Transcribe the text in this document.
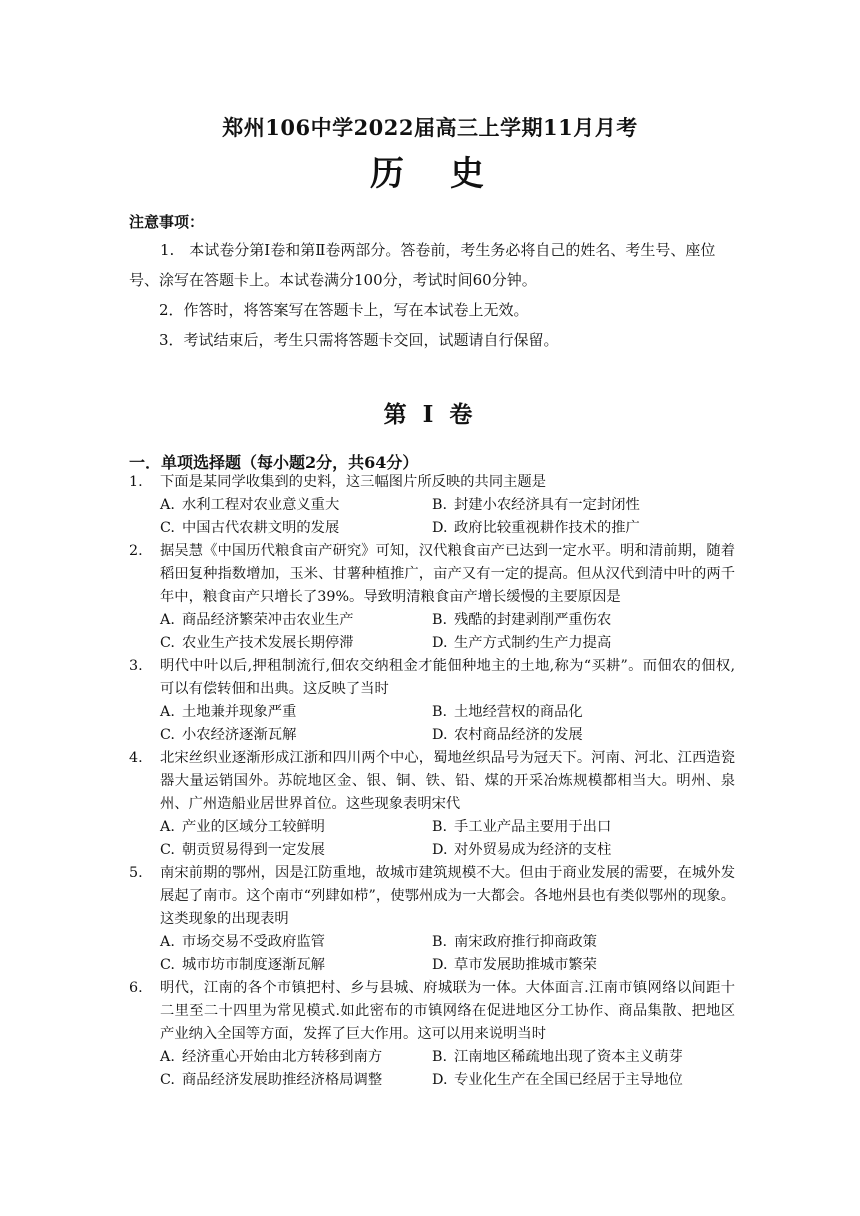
郑州106中学2022届高三上学期11月月考
历　史
注意事项：
1.　本试卷分第Ⅰ卷和第Ⅱ卷两部分。答卷前，考生务必将自己的姓名、考生号、座位号、涂写在答题卡上。本试卷满分100分，考试时间60分钟。
2．作答时，将答案写在答题卡上，写在本试卷上无效。
3．考试结束后，考生只需将答题卡交回，试题请自行保留。
第 I 卷
一．单项选择题（每小题2分，共64分）
1.	下面是某同学收集到的史料，这三幅图片所反映的共同主题是
A. 水利工程对农业意义重大	B. 封建小农经济具有一定封闭性
C. 中国古代农耕文明的发展	D. 政府比较重视耕作技术的推广
2.	据吴慧《中国历代粮食亩产研究》可知，汉代粮食亩产已达到一定水平。明和清前期，随着稻田复种指数增加，玉米、甘薯种植推广，亩产又有一定的提高。但从汉代到清中叶的两千年中，粮食亩产只增长了39%。导致明清粮食亩产增长缓慢的主要原因是
A. 商品经济繁荣冲击农业生产	B. 残酷的封建剥削严重伤农
C. 农业生产技术发展长期停滞	D. 生产方式制约生产力提高
3.	明代中叶以后,押租制流行,佃农交纳租金才能佃种地主的土地,称为“买耕”。而佃农的佃权,可以有偿转佃和出典。这反映了当时
A. 土地兼并现象严重	B. 土地经营权的商品化
C. 小农经济逐渐瓦解	D. 农村商品经济的发展
4.	北宋丝织业逐渐形成江浙和四川两个中心，蜀地丝织品号为冠天下。河南、河北、江西造瓷器大量运销国外。苏皖地区金、银、铜、铁、铅、煤的开采冶炼规模都相当大。明州、泉州、广州造船业居世界首位。这些现象表明宋代
A. 产业的区域分工较鲜明	B. 手工业产品主要用于出口
C. 朝贡贸易得到一定发展	D. 对外贸易成为经济的支柱
5.	南宋前期的鄂州，因是江防重地，故城市建筑规模不大。但由于商业发展的需要，在城外发展起了南市。这个南市“列肆如栉”，使鄂州成为一大都会。各地州县也有类似鄂州的现象。这类现象的出现表明
A. 市场交易不受政府监管	B. 南宋政府推行抑商政策
C. 城市坊市制度逐渐瓦解	D. 草市发展助推城市繁荣
6.	明代，江南的各个市镇把村、乡与县城、府城联为一体。大体面言.江南市镇网络以间距十二里至二十四里为常见模式.如此密布的市镇网络在促进地区分工协作、商品集散、把地区产业纳入全国等方面，发挥了巨大作用。这可以用来说明当时
A. 经济重心开始由北方转移到南方	B. 江南地区稀疏地出现了资本主义萌芽
C. 商品经济发展助推经济格局调整	D. 专业化生产在全国已经居于主导地位
